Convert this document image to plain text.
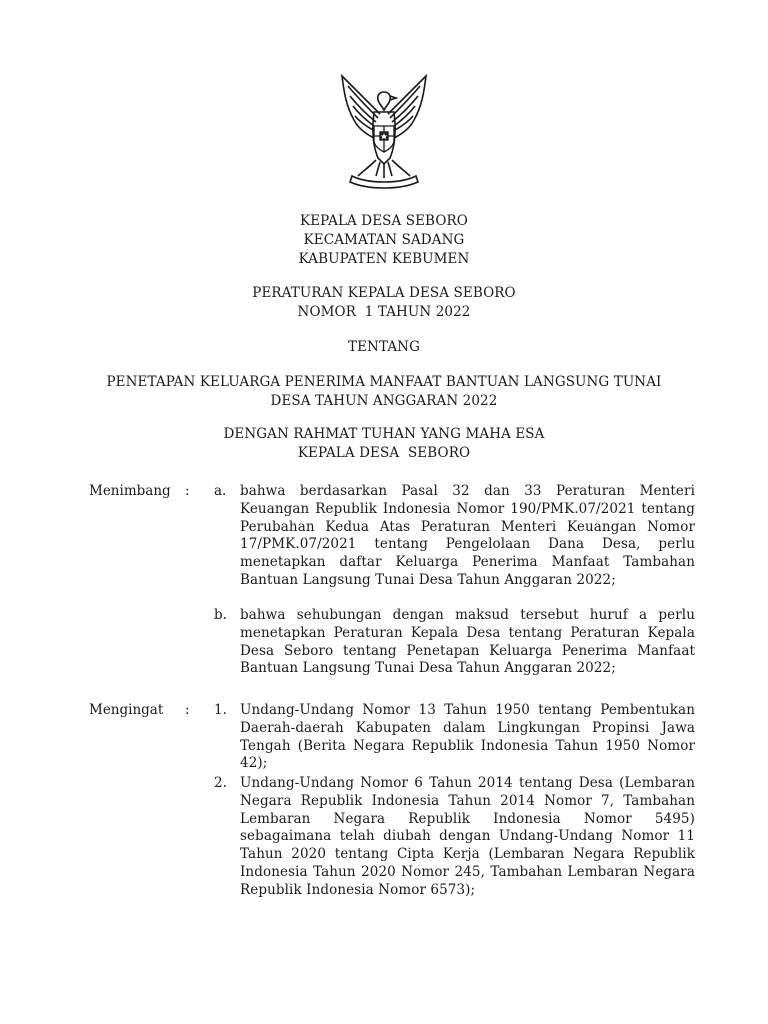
KEPALA DESA SEBORO
KECAMATAN SADANG
KABUPATEN KEBUMEN
PERATURAN KEPALA DESA SEBORO
NOMOR  1 TAHUN 2022
TENTANG
PENETAPAN KELUARGA PENERIMA MANFAAT BANTUAN LANGSUNG TUNAI
DESA TAHUN ANGGARAN 2022
DENGAN RAHMAT TUHAN YANG MAHA ESA
KEPALA DESA  SEBORO
Menimbang	: a. bahwa berdasarkan Pasal 32 dan 33 Peraturan Menteri Keuangan Republik Indonesia Nomor 190/PMK.07/2021 tentang Perubahan Kedua Atas Peraturan Menteri Keuangan Nomor 17/PMK.07/2021 tentang Pengelolaan Dana Desa, perlu menetapkan daftar Keluarga Penerima Manfaat Tambahan Bantuan Langsung Tunai Desa Tahun Anggaran 2022;
b. bahwa sehubungan dengan maksud tersebut huruf a perlu menetapkan Peraturan Kepala Desa tentang Peraturan Kepala Desa Seboro tentang Penetapan Keluarga Penerima Manfaat Bantuan Langsung Tunai Desa Tahun Anggaran 2022;
Mengingat	: 1. Undang-Undang Nomor 13 Tahun 1950 tentang Pembentukan Daerah-daerah Kabupaten dalam Lingkungan Propinsi Jawa Tengah (Berita Negara Republik Indonesia Tahun 1950 Nomor 42);
2. Undang-Undang Nomor 6 Tahun 2014 tentang Desa (Lembaran Negara Republik Indonesia Tahun 2014 Nomor 7, Tambahan Lembaran Negara Republik Indonesia Nomor 5495) sebagaimana telah diubah dengan Undang-Undang Nomor 11 Tahun 2020 tentang Cipta Kerja (Lembaran Negara Republik Indonesia Tahun 2020 Nomor 245, Tambahan Lembaran Negara Republik Indonesia Nomor 6573);
